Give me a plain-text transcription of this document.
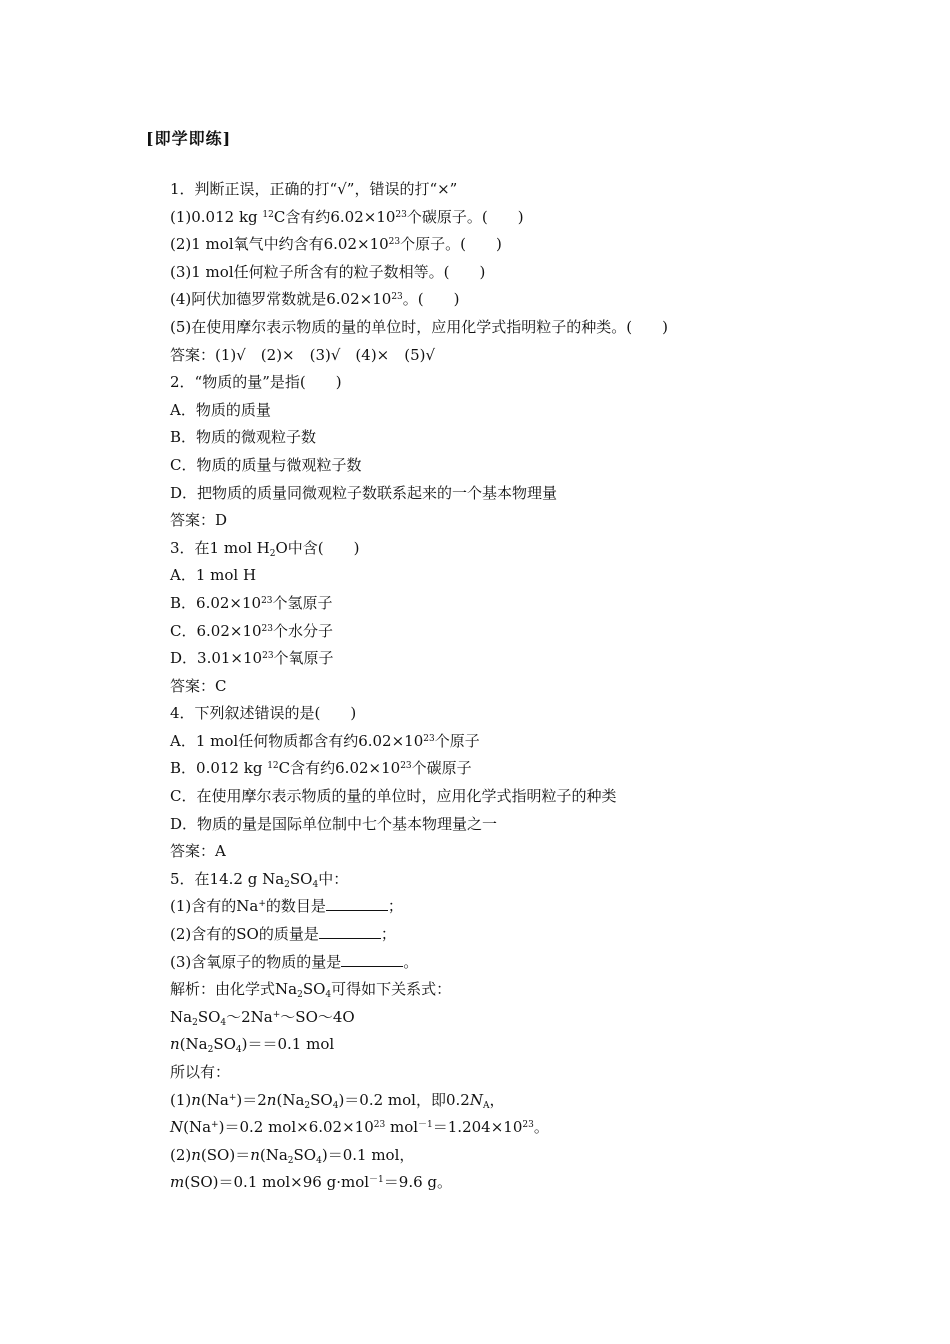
[即学即练]
1．判断正误，正确的打“√”，错误的打“×”
(1)0.012 kg $^{12}$C含有约$6.02\times 10^{23}$个碳原子。( )
(2)1 mol氧气中约含有$6.02\times 10^{23}$个原子。( )
(3)1 mol任何粒子所含有的粒子数相等。( )
(4)阿伏加德罗常数就是$6.02\times 10^{23}$。( )
(5)在使用摩尔表示物质的量的单位时，应用化学式指明粒子的种类。( )
答案：(1)√　(2)×　(3)√　(4)×　(5)√
2．“物质的量”是指( )
A．物质的质量
B．物质的微观粒子数
C．物质的质量与微观粒子数
D．把物质的质量同微观粒子数联系起来的一个基本物理量
答案：D
3．在1 mol $H_2O$中含( )
A．1 mol H
B．$6.02\times 10^{23}$个氢原子
C．$6.02\times 10^{23}$个水分子
D．$3.01\times 10^{23}$个氧原子
答案：C
4．下列叙述错误的是( )
A．1 mol任何物质都含有约$6.02\times 10^{23}$个原子
B．0.012 kg $^{12}$C含有约$6.02\times 10^{23}$个碳原子
C．在使用摩尔表示物质的量的单位时，应用化学式指明粒子的种类
D．物质的量是国际单位制中七个基本物理量之一
答案：A
5．在14.2 g $Na_2SO_4$中：
(1)含有的Na+的数目是	；
(2)含有的SO的质量是	；
(3)含氧原子的物质的量是	。
解析：由化学式$Na_2SO_4$可得如下关系式：
$Na_2SO_4\sim 2Na^+\sim SO\sim 4O$
$n(Na_2SO_4)==0.1$ mol
所以有：
$(1)n(Na^+)=2n(Na_2SO_4)=0.2$ mol，即$0.2N_A$，
N(Na+)＝0.2 $mol\times 6.02\times 10^{23}$ $mol^{-1}=1.204\times 10^{23}$。
$(2)n(SO)=n(Na_2SO_4)=0.1$ mol，
m(SO)＝0.1 mol×96 g·mol$^{-1}$＝9.6 g。
